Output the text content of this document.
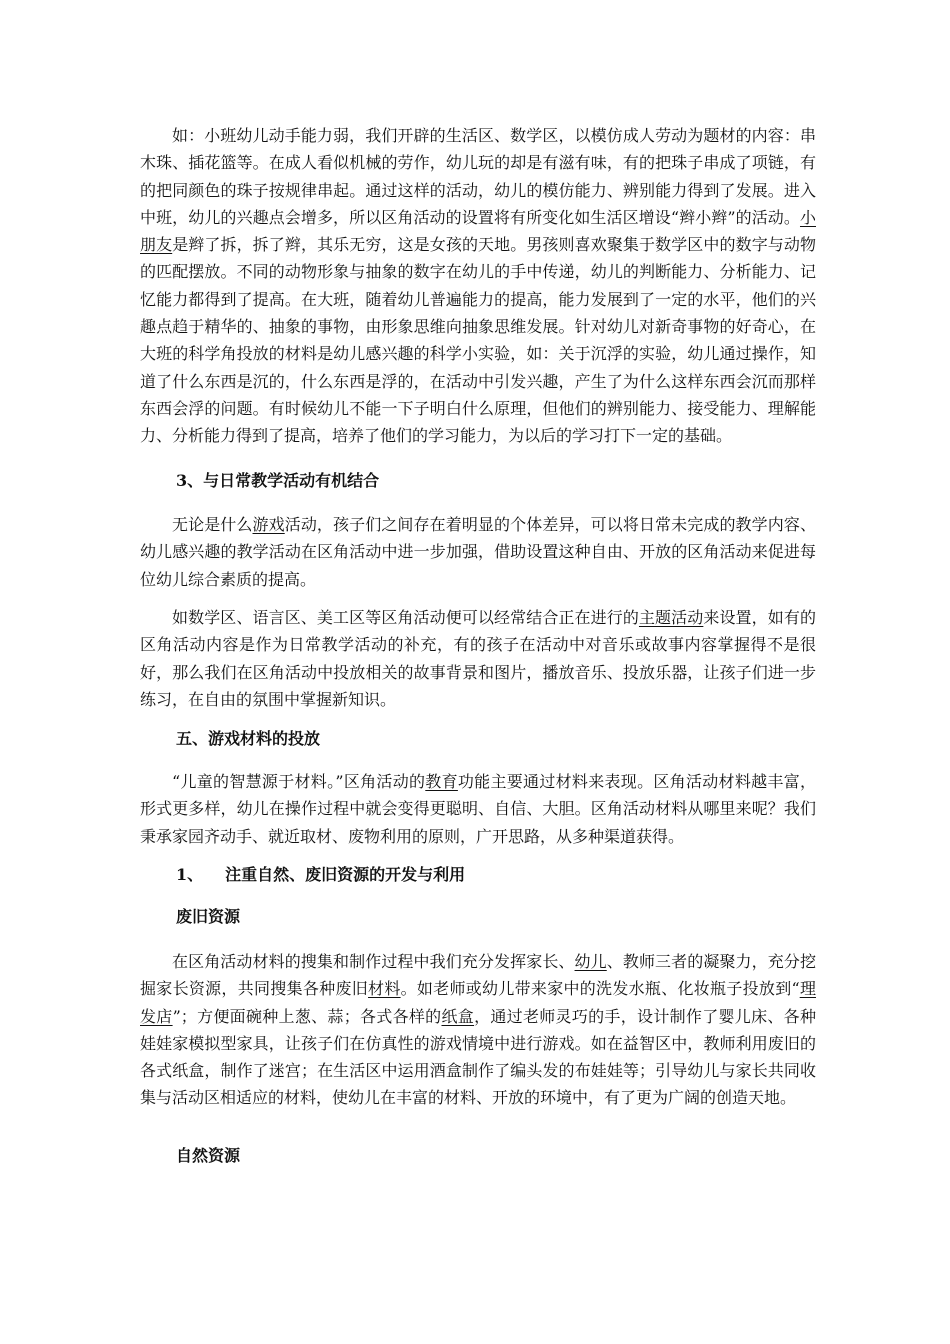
如：小班幼儿动手能力弱，我们开辟的生活区、数学区，以模仿成人劳动为题材的内容：串木珠、插花篮等。在成人看似机械的劳作，幼儿玩的却是有滋有味，有的把珠子串成了项链，有的把同颜色的珠子按规律串起。通过这样的活动，幼儿的模仿能力、辨别能力得到了发展。进入中班，幼儿的兴趣点会增多，所以区角活动的设置将有所变化如生活区增设“辫小辫”的活动。小朋友是辫了拆，拆了辫，其乐无穷，这是女孩的天地。男孩则喜欢聚集于数学区中的数字与动物的匹配摆放。不同的动物形象与抽象的数字在幼儿的手中传递，幼儿的判断能力、分析能力、记忆能力都得到了提高。在大班，随着幼儿普遍能力的提高，能力发展到了一定的水平，他们的兴趣点趋于精华的、抽象的事物，由形象思维向抽象思维发展。针对幼儿对新奇事物的好奇心，在大班的科学角投放的材料是幼儿感兴趣的科学小实验，如：关于沉浮的实验，幼儿通过操作，知道了什么东西是沉的，什么东西是浮的，在活动中引发兴趣，产生了为什么这样东西会沉而那样东西会浮的问题。有时候幼儿不能一下子明白什么原理，但他们的辨别能力、接受能力、理解能力、分析能力得到了提高，培养了他们的学习能力，为以后的学习打下一定的基础。

3、与日常教学活动有机结合

无论是什么游戏活动，孩子们之间存在着明显的个体差异，可以将日常未完成的教学内容、幼儿感兴趣的教学活动在区角活动中进一步加强，借助设置这种自由、开放的区角活动来促进每位幼儿综合素质的提高。

如数学区、语言区、美工区等区角活动便可以经常结合正在进行的主题活动来设置，如有的区角活动内容是作为日常教学活动的补充，有的孩子在活动中对音乐或故事内容掌握得不是很好，那么我们在区角活动中投放相关的故事背景和图片，播放音乐、投放乐器，让孩子们进一步练习，在自由的氛围中掌握新知识。

五、游戏材料的投放

“儿童的智慧源于材料。”区角活动的教育功能主要通过材料来表现。区角活动材料越丰富，形式更多样，幼儿在操作过程中就会变得更聪明、自信、大胆。区角活动材料从哪里来呢？我们秉承家园齐动手、就近取材、废物利用的原则，广开思路，从多种渠道获得。

1、 注重自然、废旧资源的开发与利用
废旧资源

在区角活动材料的搜集和制作过程中我们充分发挥家长、幼儿、教师三者的凝聚力，充分挖掘家长资源，共同搜集各种废旧材料。如老师或幼儿带来家中的洗发水瓶、化妆瓶子投放到“理发店”；方便面碗种上葱、蒜；各式各样的纸盒，通过老师灵巧的手，设计制作了婴儿床、各种娃娃家模拟型家具，让孩子们在仿真性的游戏情境中进行游戏。如在益智区中，教师利用废旧的各式纸盒，制作了迷宫；在生活区中运用酒盒制作了编头发的布娃娃等；引导幼儿与家长共同收集与活动区相适应的材料，使幼儿在丰富的材料、开放的环境中，有了更为广阔的创造天地。

自然资源
